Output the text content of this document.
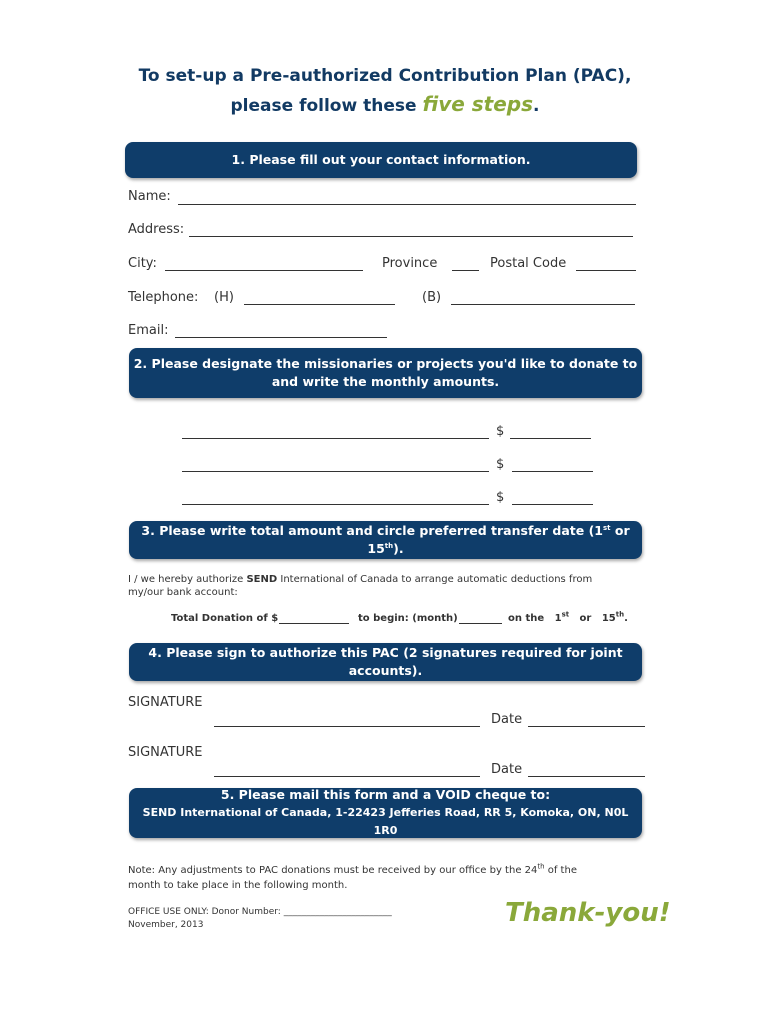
To set-up a Pre-authorized Contribution Plan (PAC),
please follow these five steps.
1. Please fill out your contact information.
Name:
Address:
City:	Province	Postal Code
Telephone: (H)	(B)
Email:
2. Please designate the missionaries or projects you'd like to donate to
and write the monthly amounts.
$
$
$
3. Please write total amount and circle preferred transfer date (1st or 15th).
I / we hereby authorize SEND International of Canada to arrange automatic deductions from
my/our bank account:
Total Donation of $	to begin: (month)	on the 1st or 15th.
4. Please sign to authorize this PAC (2 signatures required for joint accounts).
SIGNATURE
Date
SIGNATURE
Date
5. Please mail this form and a VOID cheque to:
SEND International of Canada, 1-22423 Jefferies Road, RR 5, Komoka, ON, N0L 1R0
Note: Any adjustments to PAC donations must be received by our office by the 24th of the
month to take place in the following month.
OFFICE USE ONLY: Donor Number: ________________________
November, 2013	Thank-you!
